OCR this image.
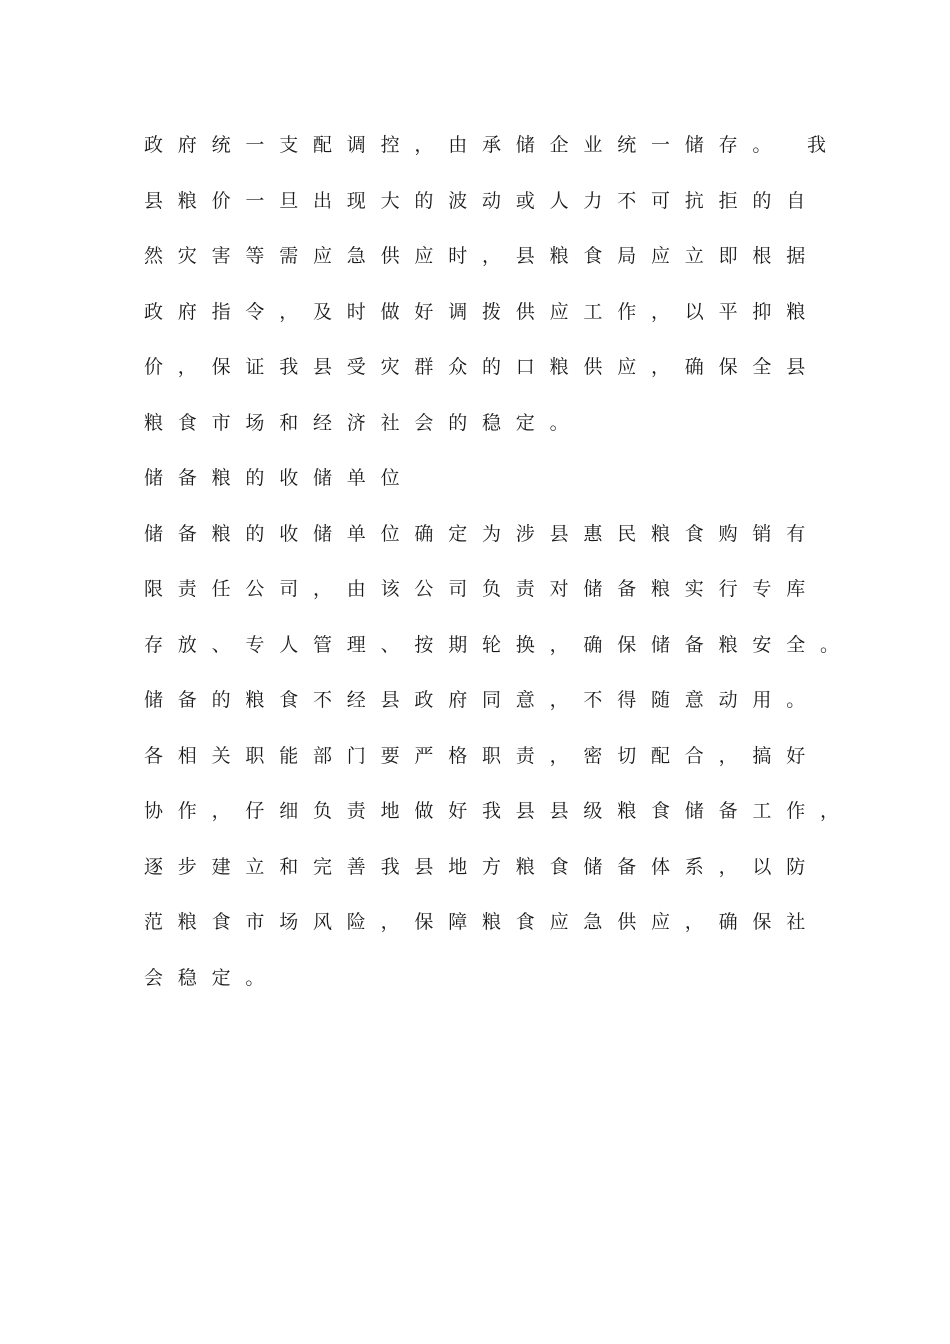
政府统一支配调控，由承储企业统一储存。 我
县粮价一旦出现大的波动或人力不可抗拒的自
然灾害等需应急供应时，县粮食局应立即根据
政府指令，及时做好调拨供应工作，以平抑粮
价，保证我县受灾群众的口粮供应，确保全县
粮食市场和经济社会的稳定。
储备粮的收储单位
储备粮的收储单位确定为涉县惠民粮食购销有
限责任公司，由该公司负责对储备粮实行专库
存放、专人管理、按期轮换，确保储备粮安全。
储备的粮食不经县政府同意，不得随意动用。
各相关职能部门要严格职责，密切配合，搞好
协作，仔细负责地做好我县县级粮食储备工作，
逐步建立和完善我县地方粮食储备体系，以防
范粮食市场风险，保障粮食应急供应，确保社
会稳定。
